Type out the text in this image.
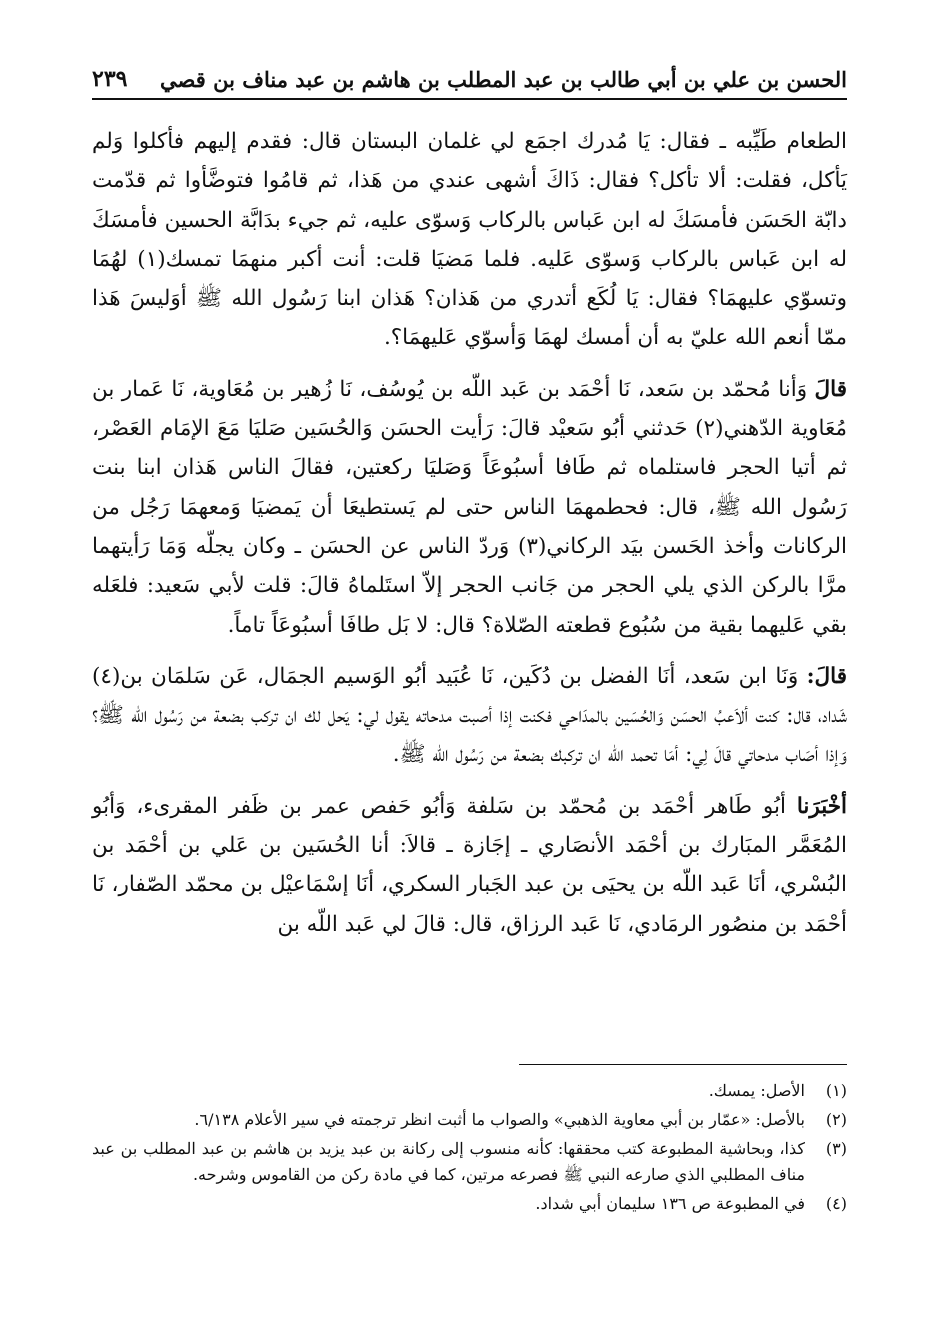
الحسن بن علي بن أبي طالب بن عبد المطلب بن هاشم بن عبد مناف بن قصي
٢٣٩

الطعام طَيِّبه ـ فقال: يَا مُدرك اجمَع لي غلمان البستان قال: فقدم إليهم فأكلوا وَلم يَأكل، فقلت: ألا تأكل؟ فقال: ذَاكَ أشهى عندي من هَذا، ثم قامُوا فتوضَّأوا ثم قدّمت دابّة الحَسَن فأمسَكَ له ابن عَباس بالركاب وَسوّى عليه، ثم جيء بدَابَّة الحسين فأمسَكَ له ابن عَباس بالركاب وَسوّى عَليه. فلما مَضيَا قلت: أنت أكبر منهمَا تمسك(١) لهُمَا وتسوّي عليهمَا؟ فقال: يَا لُكَع أتدري من هَذان؟ هَذان ابنا رَسُول الله ﷺ أوَليسَ هَذا ممّا أنعم الله عليّ به أن أمسك لهمَا وَأسوّي عَليهمَا؟.

قالَ وَأنا مُحمّد بن سَعد، نَا أحْمَد بن عَبد اللّه بن يُوسُف، نَا زُهير بن مُعَاوية، نَا عَمار بن مُعَاوية الدّهني(٢) حَدثني أبُو سَعيْد قالَ: رَأيت الحسَن وَالحُسَين صَليَا مَعَ الإمَام العَصْر، ثم أتيا الحجر فاستلماه ثم طَافا أسبُوعَاً وَصَليَا ركعتين، فقالَ الناس هَذان ابنا بنت رَسُول الله ﷺ، قال: فحطمهمَا الناس حتى لم يَستطيعَا أن يَمضيَا وَمعهمَا رَجُل من الركانات وأخذ الحَسن بيَد الركاني(٣) وَردّ الناس عن الحسَن ـ وكان يجلّه وَمَا رَأيتهما مرَّا بالركن الذي يلي الحجر من جَانب الحجر إلاّ استَلماهُ قالَ: قلت لأبي سَعيد: فلعَله بقي عَليهما بقية من سُبُوع قطعته الصّلاة؟ قال: لا بَل طافَا أسبُوعَاً تاماً.

قالَ: وَنَا ابن سَعد، أنَا الفضل بن دُكَين، نَا عُبَيد أبُو الوَسيم الجمَال، عَن سَلمَان بن(٤) شَداد، قال: كنت ألاَعبُ الحسَن وَالحُسَين بالمدَاحي فكنت إذا أصبت مدحاته يقول لي: يَحل لك ان تركب بضعة من رَسُول الله ﷺ؟ وَإذا أصَاب مدحاتي قالَ لِي: أمَا تحمد الله ان تركبك بضعة من رَسُول الله ﷺ.

أخْبَرَنا أبُو طَاهر أحْمَد بن مُحمّد بن سَلفة وَأبُو حَفص عمر بن ظَفر المقرىء، وَأبُو المُعَمَّر المبَارك بن أحْمَد الأنصَاري ـ إجَازة ـ قالاَ: أنا الحُسَين بن عَلي بن أحْمَد بن البُسْري، أنَا عَبد اللّه بن يحيَى بن عبد الجَبار السكري، أنَا إسْمَاعيْل بن محمّد الصّفار، نَا أحْمَد بن منصُور الرمَادي، نَا عَبد الرزاق، قال: قالَ لي عَبد اللّه بن

(١)
الأصل: يمسك.
(٢)
بالأصل: «عمّار بن أبي معاوية الذهبي» والصواب ما أثبت انظر ترجمته في سير الأعلام ٦/١٣٨.
(٣)
كذا، وبحاشية المطبوعة كتب محققها: كأنه منسوب إلى ركانة بن عبد يزيد بن هاشم بن عبد المطلب بن عبد مناف المطلبي الذي صارعه النبي ﷺ فصرعه مرتين، كما في مادة ركن من القاموس وشرحه.
(٤)
في المطبوعة ص ١٣٦ سليمان أبي شداد.
